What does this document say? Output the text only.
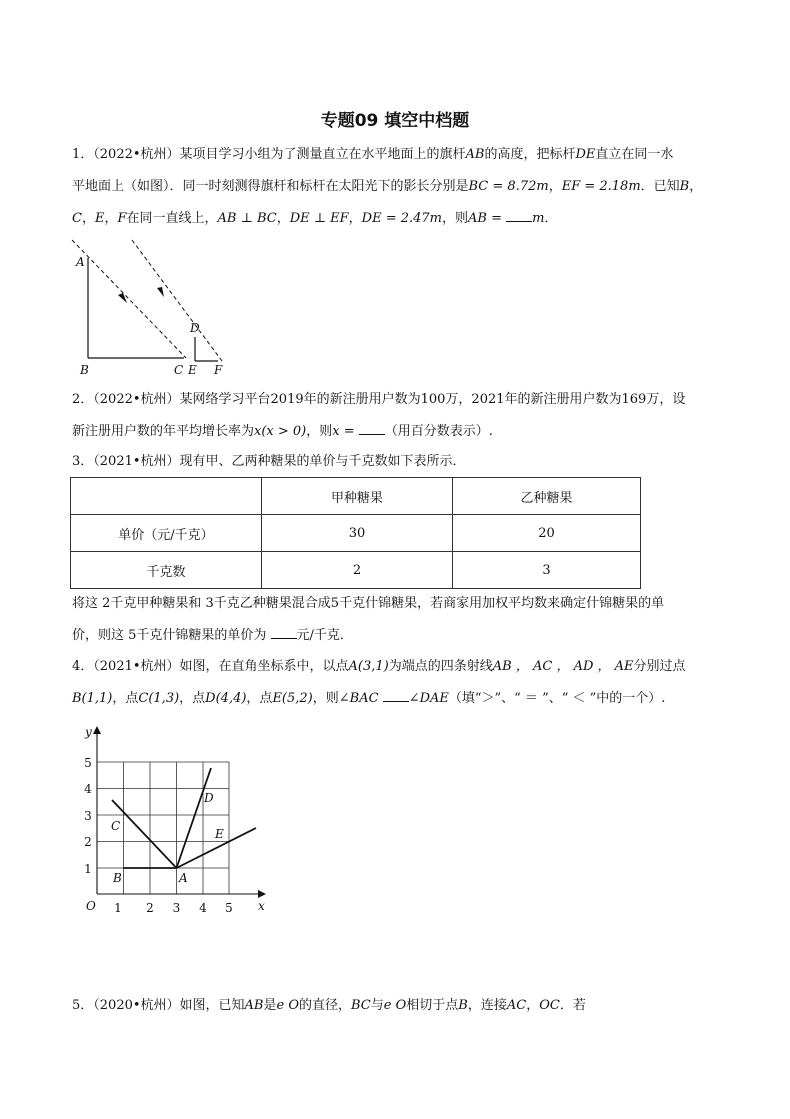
专题09 填空中档题
1．（2022•杭州）某项目学习小组为了测量直立在水平地面上的旗杆AB的高度，把标杆DE直立在同一水
平地面上（如图）．同一时刻测得旗杆和标杆在太阳光下的影长分别是BC = 8.72m，EF = 2.18m．已知B，
C，E，F在同一直线上，AB ⊥ BC，DE ⊥ EF，DE = 2.47m，则AB = m．
A
B	C
D
E F
2．（2022•杭州）某网络学习平台2019年的新注册用户数为100万，2021年的新注册用户数为169万，设
新注册用户数的年平均增长率为x(x > 0)，则x = （用百分数表示）.
3．（2021•杭州）现有甲、乙两种糖果的单价与千克数如下表所示．
	甲种糖果	乙种糖果
单价（元/千克）	30	20
千克数	2	3
将这 2千克甲种糖果和 3千克乙种糖果混合成5千克什锦糖果，若商家用加权平均数来确定什锦糖果的单
价，则这 5千克什锦糖果的单价为 元/千克．
4．（2021•杭州）如图，在直角坐标系中，以点A(3,1)为端点的四条射线AB ， AC ， AD ， AE分别过点
B(1,1)，点C(1,3)，点D(4,4)，点E(5,2)，则∠BAC ∠DAE（填“＞”、“ ＝ ”、“ ＜ ”中的一个）.
1 2 3 4 5
1
2
3
4
5
x
y
O
A
B
C
D
E
5．（2020•杭州）如图，已知AB是e O的直径，BC与e O相切于点B，连接AC，OC．若
